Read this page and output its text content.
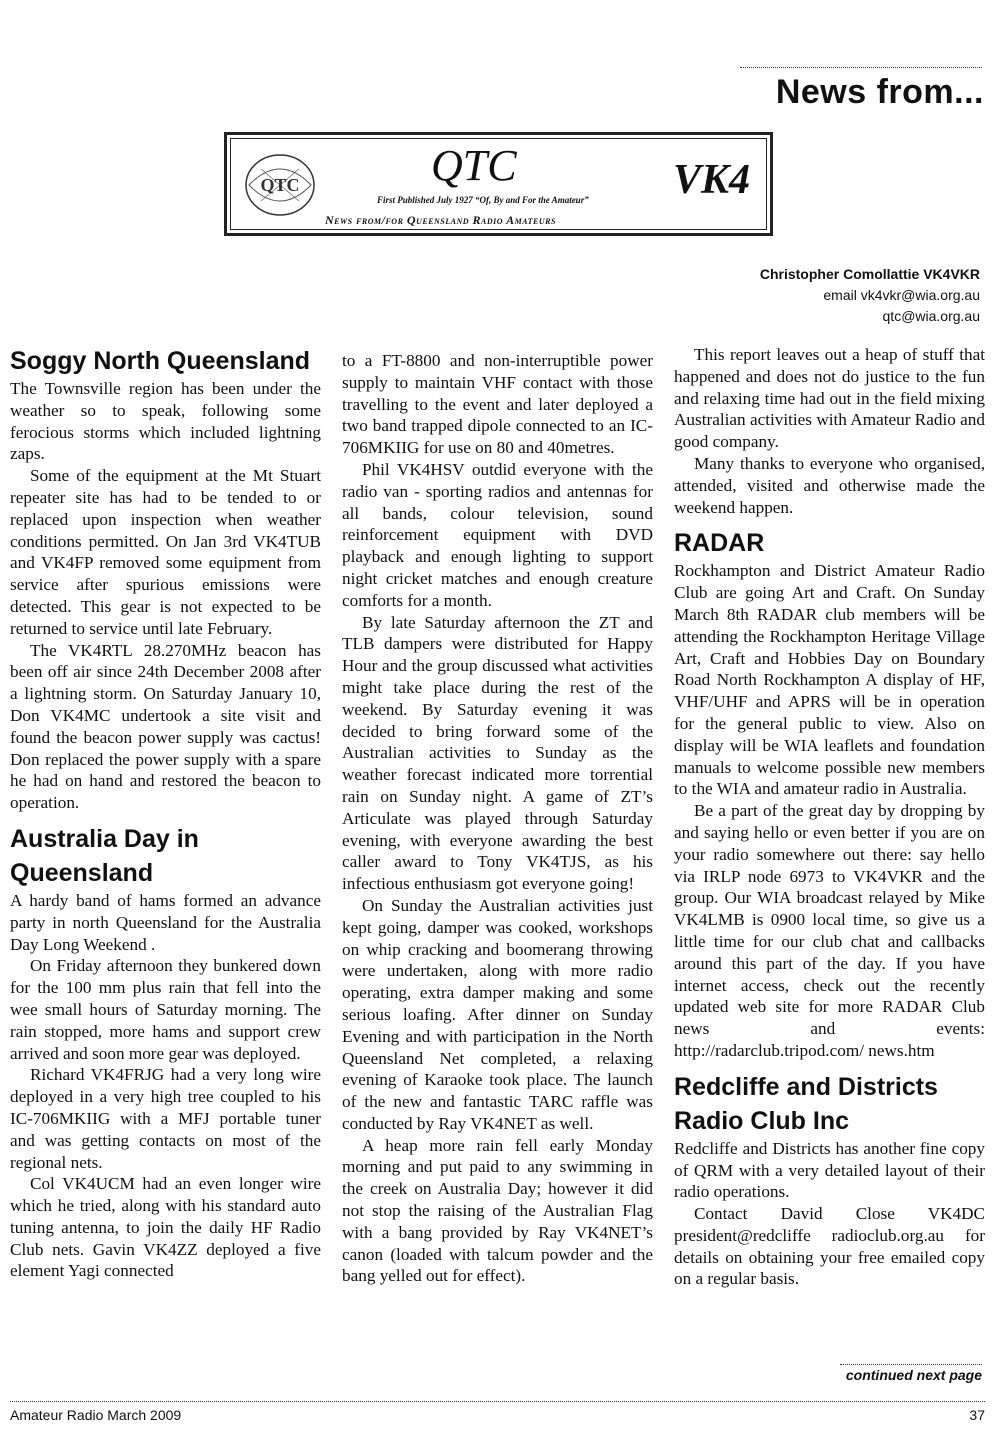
News from...
QTC	QTC
First Published July 1927 “Of, By and For the Amateur”
News from/for Queensland Radio Amateurs
VK4
Christopher Comollattie VK4VKR
email vk4vkr@wia.org.au
qtc@wia.org.au
Soggy North Queensland

The Townsville region has been under the weather so to speak, following some ferocious storms which included lightning zaps.

Some of the equipment at the Mt Stuart repeater site has had to be tended to or replaced upon inspection when weather conditions permitted. On Jan 3rd VK4TUB and VK4FP removed some equipment from service after spurious emissions were detected. This gear is not expected to be returned to service until late February.

The VK4RTL 28.270MHz beacon has been off air since 24th December 2008 after a lightning storm. On Saturday January 10, Don VK4MC undertook a site visit and found the beacon power supply was cactus! Don replaced the power supply with a spare he had on hand and restored the beacon to operation.

Australia Day in Queensland

A hardy band of hams formed an advance party in north Queensland for the Australia Day Long Weekend .

On Friday afternoon they bunkered down for the 100 mm plus rain that fell into the wee small hours of Saturday morning. The rain stopped, more hams and support crew arrived and soon more gear was deployed.

Richard VK4FRJG had a very long wire deployed in a very high tree coupled to his IC-706MKIIG with a MFJ portable tuner and was getting contacts on most of the regional nets.

Col VK4UCM had an even longer wire which he tried, along with his standard auto tuning antenna, to join the daily HF Radio Club nets. Gavin VK4ZZ deployed a five element Yagi connected

to a FT-8800 and non-interruptible power supply to maintain VHF contact with those travelling to the event and later deployed a two band trapped dipole connected to an IC-706MKIIG for use on 80 and 40metres.

Phil VK4HSV outdid everyone with the radio van - sporting radios and antennas for all bands, colour television, sound reinforcement equipment with DVD playback and enough lighting to support night cricket matches and enough creature comforts for a month.

By late Saturday afternoon the ZT and TLB dampers were distributed for Happy Hour and the group discussed what activities might take place during the rest of the weekend. By Saturday evening it was decided to bring forward some of the Australian activities to Sunday as the weather forecast indicated more torrential rain on Sunday night. A game of ZT’s Articulate was played through Saturday evening, with everyone awarding the best caller award to Tony VK4TJS, as his infectious enthusiasm got everyone going!

On Sunday the Australian activities just kept going, damper was cooked, workshops on whip cracking and boomerang throwing were undertaken, along with more radio operating, extra damper making and some serious loafing. After dinner on Sunday Evening and with participation in the North Queensland Net completed, a relaxing evening of Karaoke took place. The launch of the new and fantastic TARC raffle was conducted by Ray VK4NET as well.

A heap more rain fell early Monday morning and put paid to any swimming in the creek on Australia Day; however it did not stop the raising of the Australian Flag with a bang provided by Ray VK4NET’s canon (loaded with talcum powder and the bang yelled out for effect).

This report leaves out a heap of stuff that happened and does not do justice to the fun and relaxing time had out in the field mixing Australian activities with Amateur Radio and good company.

Many thanks to everyone who organised, attended, visited and otherwise made the weekend happen.

RADAR

Rockhampton and District Amateur Radio Club are going Art and Craft. On Sunday March 8th RADAR club members will be attending the Rockhampton Heritage Village Art, Craft and Hobbies Day on Boundary Road North Rockhampton A display of HF, VHF/UHF and APRS will be in operation for the general public to view. Also on display will be WIA leaflets and foundation manuals to welcome possible new members to the WIA and amateur radio in Australia.

Be a part of the great day by dropping by and saying hello or even better if you are on your radio somewhere out there: say hello via IRLP node 6973 to VK4VKR and the group. Our WIA broadcast relayed by Mike VK4LMB is 0900 local time, so give us a little time for our club chat and callbacks around this part of the day. If you have internet access, check out the recently updated web site for more RADAR Club news and events: http://radarclub.tripod.com/ news.htm

Redcliffe and Districts Radio Club Inc

Redcliffe and Districts has another fine copy of QRM with a very detailed layout of their radio operations.

Contact David Close VK4DC president@redcliffe radioclub.org.au for details on obtaining your free emailed copy on a regular basis.

continued next page
Amateur Radio March 2009	37
